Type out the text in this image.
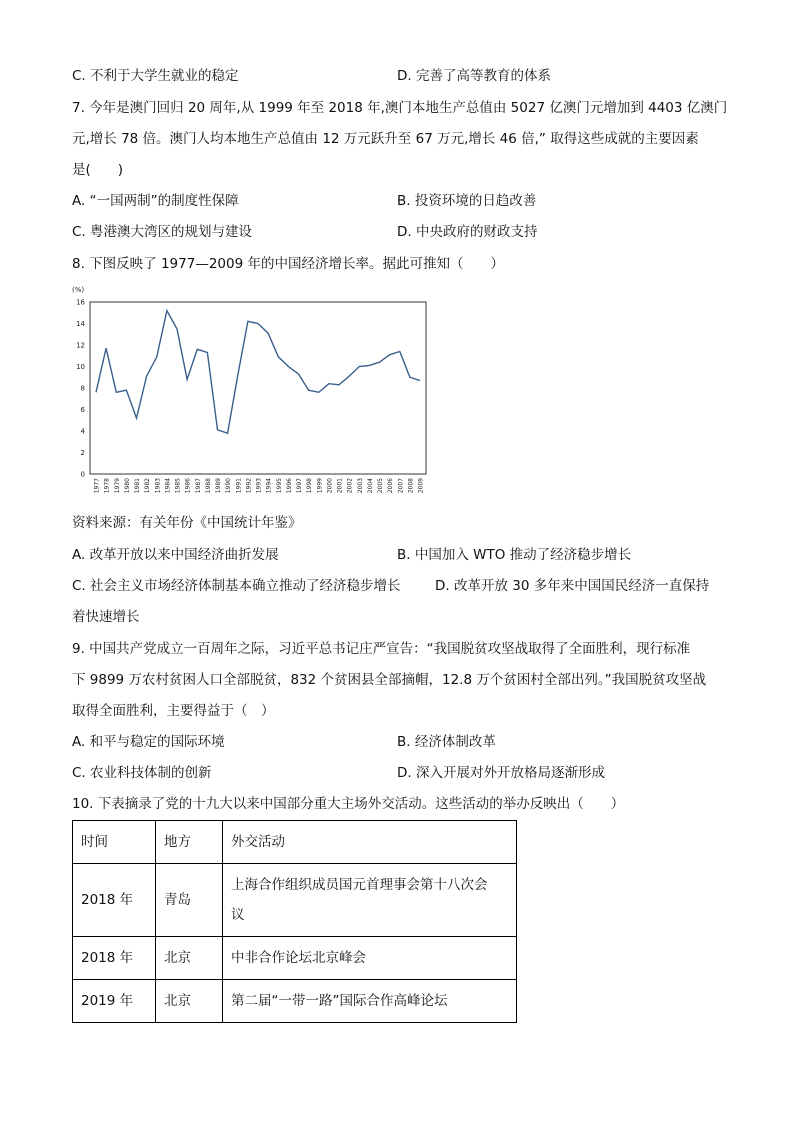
C. 不利于大学生就业的稳定	D. 完善了高等教育的体系
7. 今年是澳门回归 20 周年,从 1999 年至 2018 年,澳门本地生产总值由 5027 亿澳门元增加到 4403 亿澳门
元,增长 78 倍。澳门人均本地生产总值由 12 万元跃升至 67 万元,增长 46 倍,” 取得这些成就的主要因素
是(　　)
A. “一国两制”的制度性保障	B. 投资环境的日趋改善
C. 粤港澳大湾区的规划与建设	D. 中央政府的财政支持
8. 下图反映了 1977—2009 年的中国经济增长率。据此可推知（　　）
(%)
0
2
4
6
8
10
12
14
16
1977 1978 1979 1980 1981 1982 1983 1984 1985 1986 1987 1988 1989 1990 1991 1992 1993 1994 1995 1996 1997 1998 1999 2000 2001 2002 2003 2004 2005 2006 2007 2008 2009
资料来源：有关年份《中国统计年鉴》
A. 改革开放以来中国经济曲折发展	B. 中国加入 WTO 推动了经济稳步增长
C. 社会主义市场经济体制基本确立推动了经济稳步增长	D. 改革开放 30 多年来中国国民经济一直保持
着快速增长
9. 中国共产党成立一百周年之际，习近平总书记庄严宣告：“我国脱贫攻坚战取得了全面胜利，现行标准
下 9899 万农村贫困人口全部脱贫，832 个贫困县全部摘帽，12.8 万个贫困村全部出列。”我国脱贫攻坚战
取得全面胜利，主要得益于（　）
A. 和平与稳定的国际环境	B. 经济体制改革
C. 农业科技体制的创新	D. 深入开展对外开放格局逐渐形成
10. 下表摘录了党的十九大以来中国部分重大主场外交活动。这些活动的举办反映出（　　）
时间	地方	外交活动
2018 年	青岛	上海合作组织成员国元首理事会第十八次会议
2018 年	北京	中非合作论坛北京峰会
2019 年	北京	第二届“一带一路”国际合作高峰论坛
